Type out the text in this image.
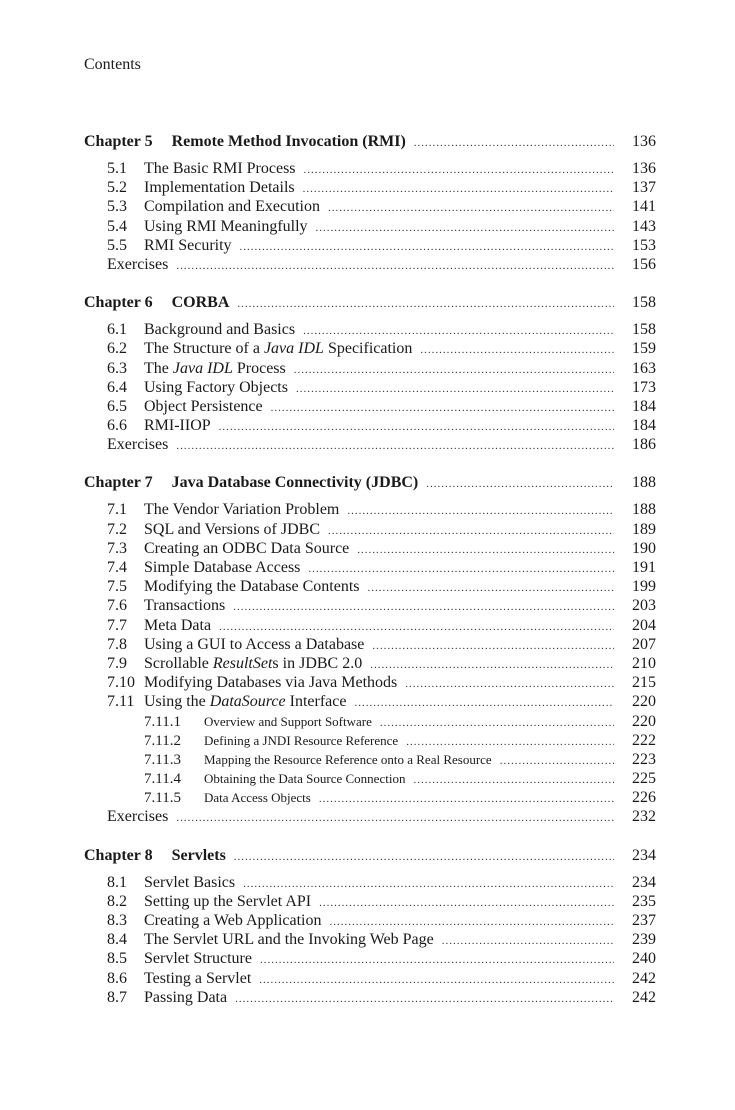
Contents
Chapter 5 Remote Method Invocation (RMI) .....	136
5.1	The Basic RMI Process .....	136
5.2	Implementation Details .....	137
5.3	Compilation and Execution .....	141
5.4	Using RMI Meaningfully .....	143
5.5	RMI Security .....	153
Exercises .....	156
Chapter 6 CORBA .....	158
6.1	Background and Basics .....	158
6.2	The Structure of a Java IDL Specification .....	159
6.3	The Java IDL Process .....	163
6.4	Using Factory Objects .....	173
6.5	Object Persistence .....	184
6.6	RMI-IIOP .....	184
Exercises .....	186
Chapter 7 Java Database Connectivity (JDBC) .....	188
7.1	The Vendor Variation Problem .....	188
7.2	SQL and Versions of JDBC .....	189
7.3	Creating an ODBC Data Source .....	190
7.4	Simple Database Access .....	191
7.5	Modifying the Database Contents .....	199
7.6	Transactions .....	203
7.7	Meta Data .....	204
7.8	Using a GUI to Access a Database .....	207
7.9	Scrollable ResultSets in JDBC 2.0 .....	210
7.10 Modifying Databases via Java Methods .....	215
7.11 Using the DataSource Interface .....	220
7.11.1	Overview and Support Software .....	220
7.11.2	Defining a JNDI Resource Reference .....	222
7.11.3	Mapping the Resource Reference onto a Real Resource .....	223
7.11.4	Obtaining the Data Source Connection .....	225
7.11.5	Data Access Objects .....	226
Exercises .....	232
Chapter 8 Servlets .....	234
8.1	Servlet Basics .....	234
8.2	Setting up the Servlet API .....	235
8.3	Creating a Web Application .....	237
8.4	The Servlet URL and the Invoking Web Page .....	239
8.5	Servlet Structure .....	240
8.6	Testing a Servlet .....	242
8.7	Passing Data .....	242
